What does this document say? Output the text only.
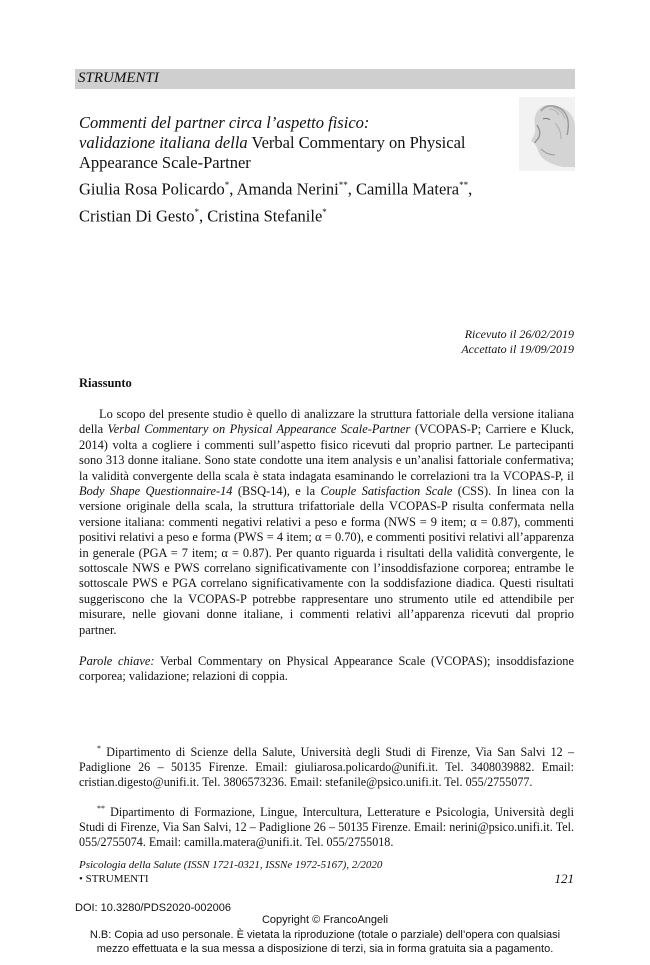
STRUMENTI
Commenti del partner circa l’aspetto fisico:
validazione italiana della Verbal Commentary on Physical Appearance Scale-Partner
Giulia Rosa Policardo*, Amanda Nerini**, Camilla Matera**,
Cristian Di Gesto*, Cristina Stefanile*
Ricevuto il 26/02/2019
Accettato il 19/09/2019
Riassunto

Lo scopo del presente studio è quello di analizzare la struttura fattoriale della versione italiana della Verbal Commentary on Physical Appearance Scale-Partner (VCOPAS-P; Carriere e Kluck, 2014) volta a cogliere i commenti sull’aspetto fisico ricevuti dal proprio partner. Le partecipanti sono 313 donne italiane. Sono state condotte una item analysis e un’analisi fattoriale confermativa; la validità convergente della scala è stata indagata esaminando le correlazioni tra la VCOPAS-P, il Body Shape Questionnaire-14 (BSQ-14), e la Couple Satisfaction Scale (CSS). In linea con la versione originale della scala, la struttura trifattoriale della VCOPAS-P risulta confermata nella versione italiana: commenti negativi relativi a peso e forma (NWS = 9 item; α = 0.87), commenti positivi relativi a peso e forma (PWS = 4 item; α = 0.70), e commenti positivi relativi all’apparenza in generale (PGA = 7 item; α = 0.87). Per quanto riguarda i risultati della validità convergente, le sottoscale NWS e PWS correlano significativamente con l’insoddisfazione corporea; entrambe le sottoscale PWS e PGA correlano significativamente con la soddisfazione diadica. Questi risultati suggeriscono che la VCOPAS-P potrebbe rappresentare uno strumento utile ed attendibile per misurare, nelle giovani donne italiane, i commenti relativi all’apparenza ricevuti dal proprio partner.

Parole chiave: Verbal Commentary on Physical Appearance Scale (VCOPAS); insoddisfazione corporea; validazione; relazioni di coppia.

* Dipartimento di Scienze della Salute, Università degli Studi di Firenze, Via San Salvi 12 – Padiglione 26 – 50135 Firenze. Email: giuliarosa.policardo@unifi.it. Tel. 3408039882. Email: cristian.digesto@unifi.it. Tel. 3806573236. Email: stefanile@psico.unifi.it. Tel. 055/2755077.

** Dipartimento di Formazione, Lingue, Intercultura, Letterature e Psicologia, Università degli Studi di Firenze, Via San Salvi, 12 – Padiglione 26 – 50135 Firenze. Email: nerini@psico.unifi.it. Tel. 055/2755074. Email: camilla.matera@unifi.it. Tel. 055/2755018.

Psicologia della Salute (ISSN 1721-0321, ISSNe 1972-5167), 2/2020
• STRUMENTI	121
DOI: 10.3280/PDS2020-002006
Copyright © FrancoAngeli
N.B: Copia ad uso personale. È vietata la riproduzione (totale o parziale) dell’opera con qualsiasi
mezzo effettuata e la sua messa a disposizione di terzi, sia in forma gratuita sia a pagamento.
